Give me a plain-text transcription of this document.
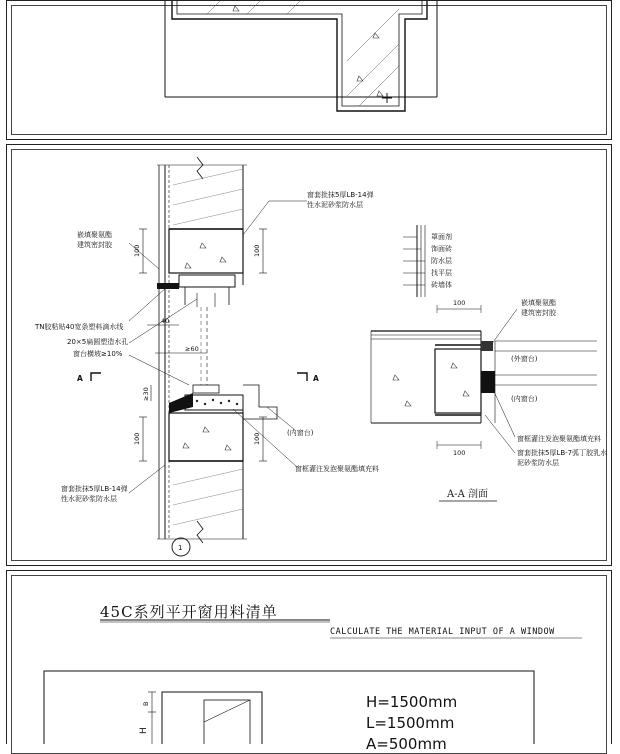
A	A
1
窗套批抹5厚LB-14弹
性水泥砂浆防水层
嵌填聚氨酯
建筑密封胶
TN胶粘贴40宽条塑料滴水线
20×5扁圆塑造水孔
窗台横坡≥10%
窗套批抹5厚LB-14弹
性水泥砂浆防水层
(内窗台)
窗框灌注发泡聚氨酯填充料
100	100
40
≥60
≥30
100	100
罩面剂
饰面砖
防水层
找平层
砖墙体
嵌填聚氨酯
建筑密封胶
(外窗台)
(内窗台)
窗框灌注发泡聚氨酯填充料
窗套批抹5厚LB-7弧丁胶乳水
泥砂浆防水层
100
100
A-A 剖面
45C系列平开窗用料清单
B
H
CALCULATE THE MATERIAL INPUT OF A WINDOW
H=1500mm
L=1500mm
A=500mm
